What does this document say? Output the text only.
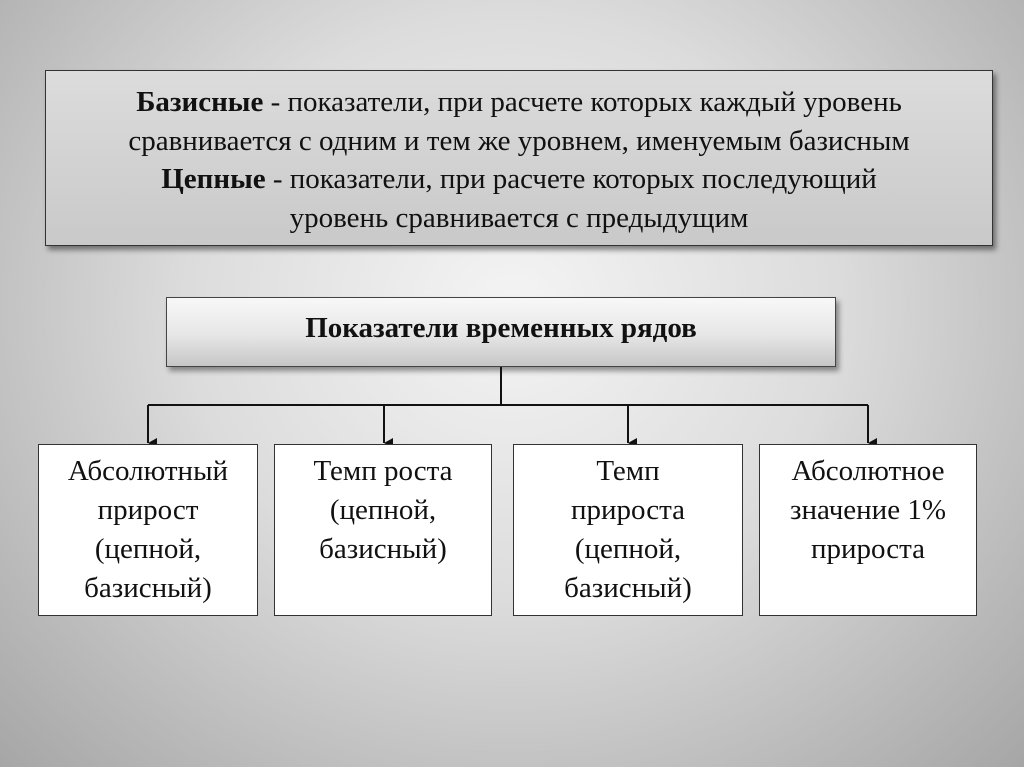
Базисные - показатели, при расчете которых каждый уровень
сравнивается с одним и тем же уровнем, именуемым базисным
Цепные - показатели, при расчете которых последующий
уровень сравнивается с предыдущим
Показатели временных рядов
Абсолютный
прирост
(цепной,
базисный)
Темп роста
(цепной,
базисный)
Темп
прироста
(цепной,
базисный)
Абсолютное
значение 1%
прироста
